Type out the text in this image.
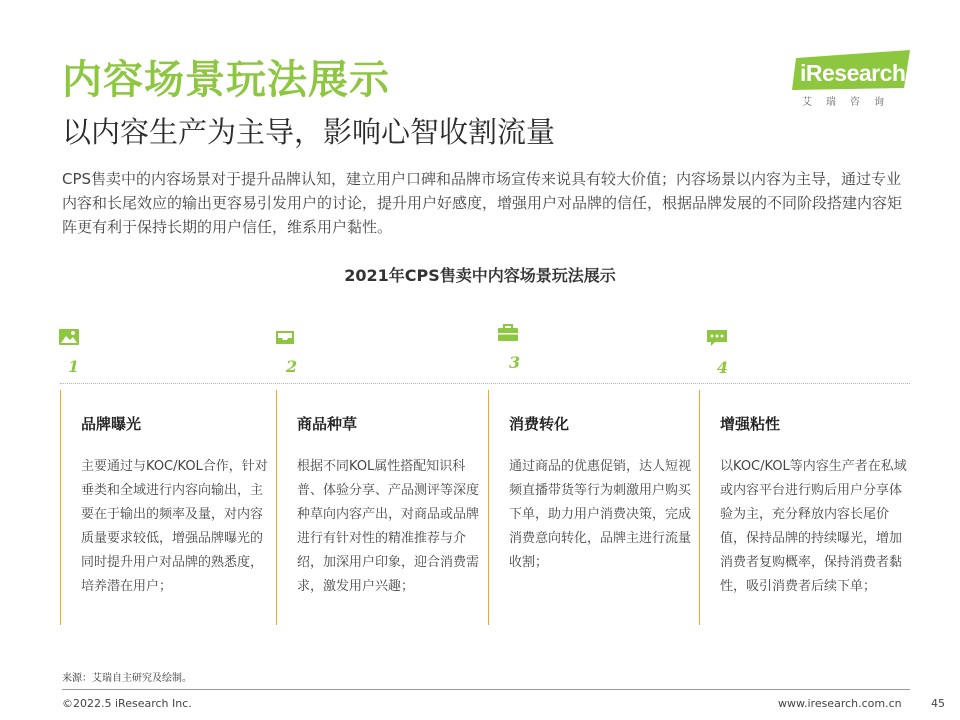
内容场景玩法展示
以内容生产为主导，影响心智收割流量
CPS售卖中的内容场景对于提升品牌认知，建立用户口碑和品牌市场宣传来说具有较大价值；内容场景以内容为主导，通过专业内容和长尾效应的输出更容易引发用户的讨论，提升用户好感度，增强用户对品牌的信任，根据品牌发展的不同阶段搭建内容矩阵更有利于保持长期的用户信任，维系用户黏性。
iResearch
艾瑞咨询
2021年CPS售卖中内容场景玩法展示
1	2	3	4
品牌曝光
主要通过与KOC/KOL合作，针对垂类和全域进行内容向输出，主要在于输出的频率及量，对内容质量要求较低，增强品牌曝光的同时提升用户对品牌的熟悉度，培养潜在用户；
商品种草
根据不同KOL属性搭配知识科普、体验分享、产品测评等深度种草向内容产出，对商品或品牌进行有针对性的精准推荐与介绍，加深用户印象，迎合消费需求，激发用户兴趣；
消费转化
通过商品的优惠促销，达人短视频直播带货等行为刺激用户购买下单，助力用户消费决策，完成消费意向转化，品牌主进行流量收割；
增强粘性
以KOC/KOL等内容生产者在私域或内容平台进行购后用户分享体验为主，充分释放内容长尾价值，保持品牌的持续曝光，增加消费者复购概率，保持消费者黏性，吸引消费者后续下单；
来源：艾瑞自主研究及绘制。
©2022.5 iResearch Inc.	www.iresearch.com.cn	45
